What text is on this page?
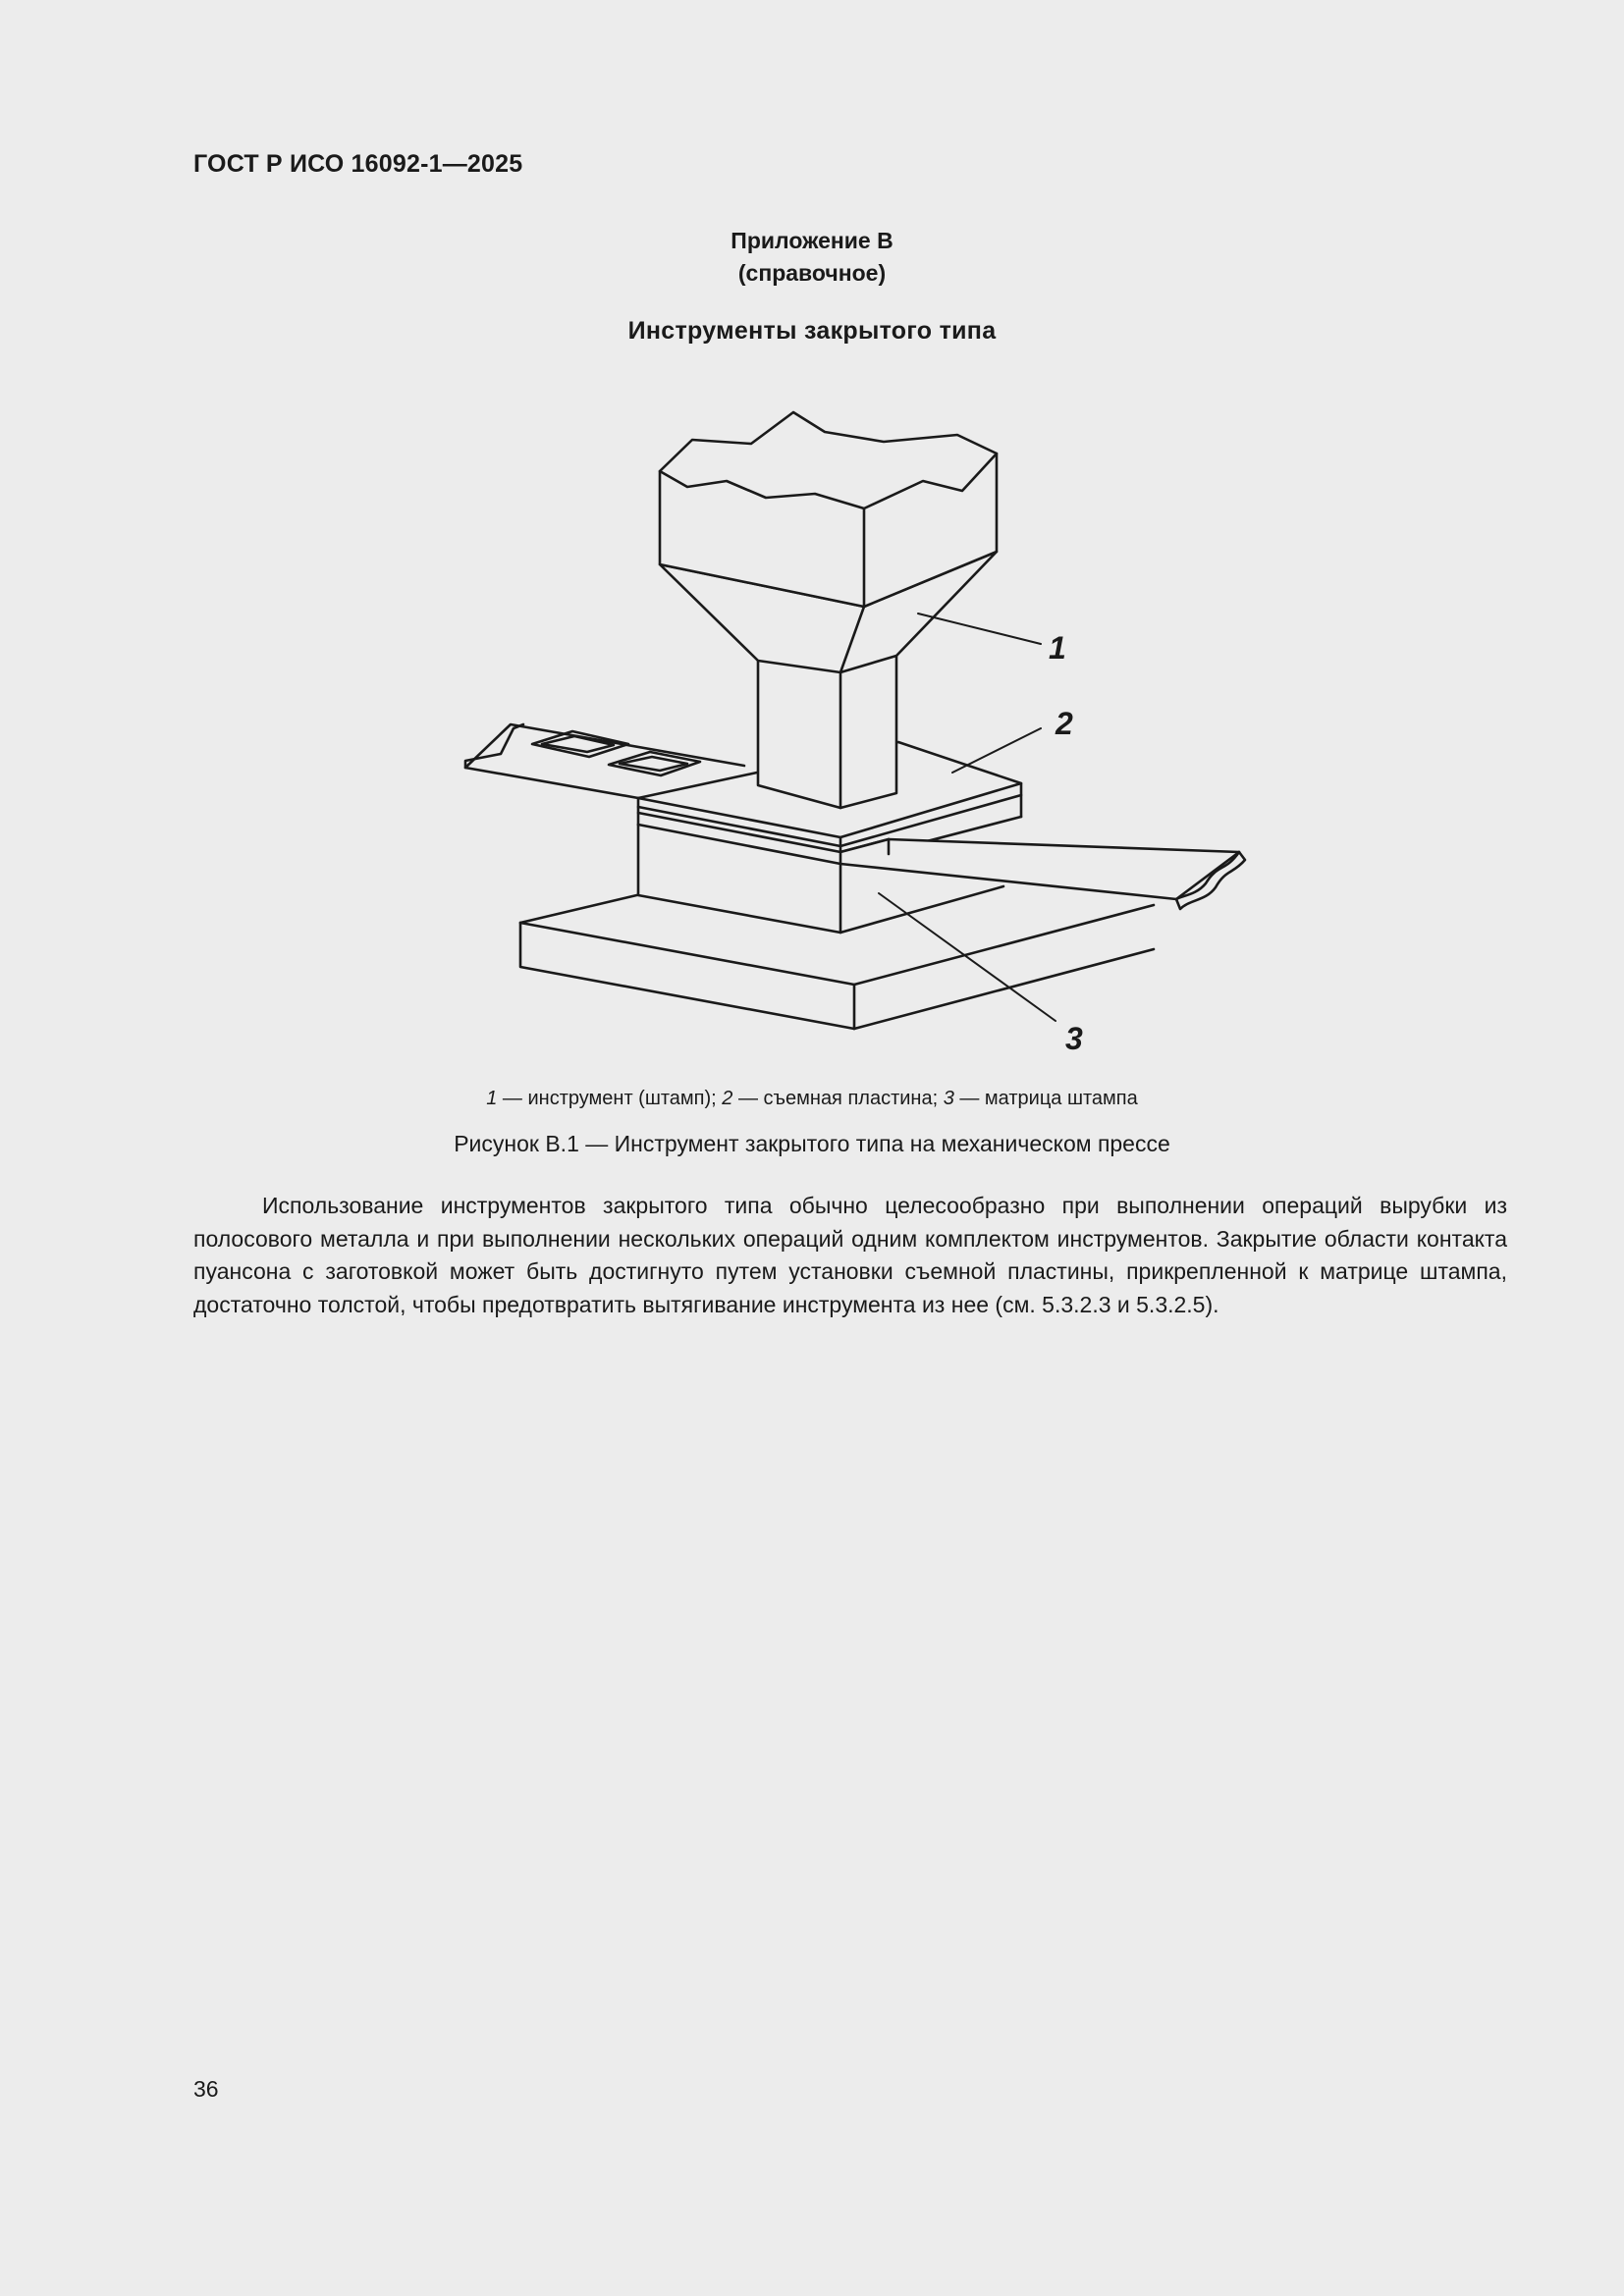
ГОСТ Р ИСО 16092-1—2025
Приложение В
(справочное)
Инструменты закрытого типа
1
2
3
1 — инструмент (штамп); 2 — съемная пластина; 3 — матрица штампа
Рисунок В.1 — Инструмент закрытого типа на механическом прессе
Использование инструментов закрытого типа обычно целесообразно при выполнении операций вырубки из полосового металла и при выполнении нескольких операций одним комплектом инструментов. Закрытие области контакта пуансона с заготовкой может быть достигнуто путем установки съемной пластины, прикрепленной к матрице штампа, достаточно толстой, чтобы предотвратить вытягивание инструмента из нее (см. 5.3.2.3 и 5.3.2.5).
36
